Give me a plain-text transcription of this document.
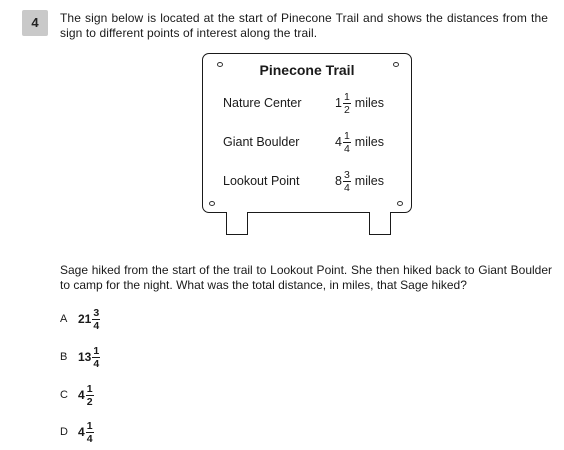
4	The sign below is located at the start of Pinecone Trail and shows the distances from the sign to different points of interest along the trail.
Pinecone Trail
Nature Center	$1 \frac{1}{2}$ miles
Giant Boulder	$4 \frac{1}{4}$ miles
Lookout Point	$8 \frac{3}{4}$ miles
Sage hiked from the start of the trail to Lookout Point. She then hiked back to Giant Boulder to camp for the night. What was the total distance, in miles, that Sage hiked?
A $21 \frac{3}{4}$
B $13 \frac{1}{4}$
C $4 \frac{1}{2}$
D $4 \frac{1}{4}$
